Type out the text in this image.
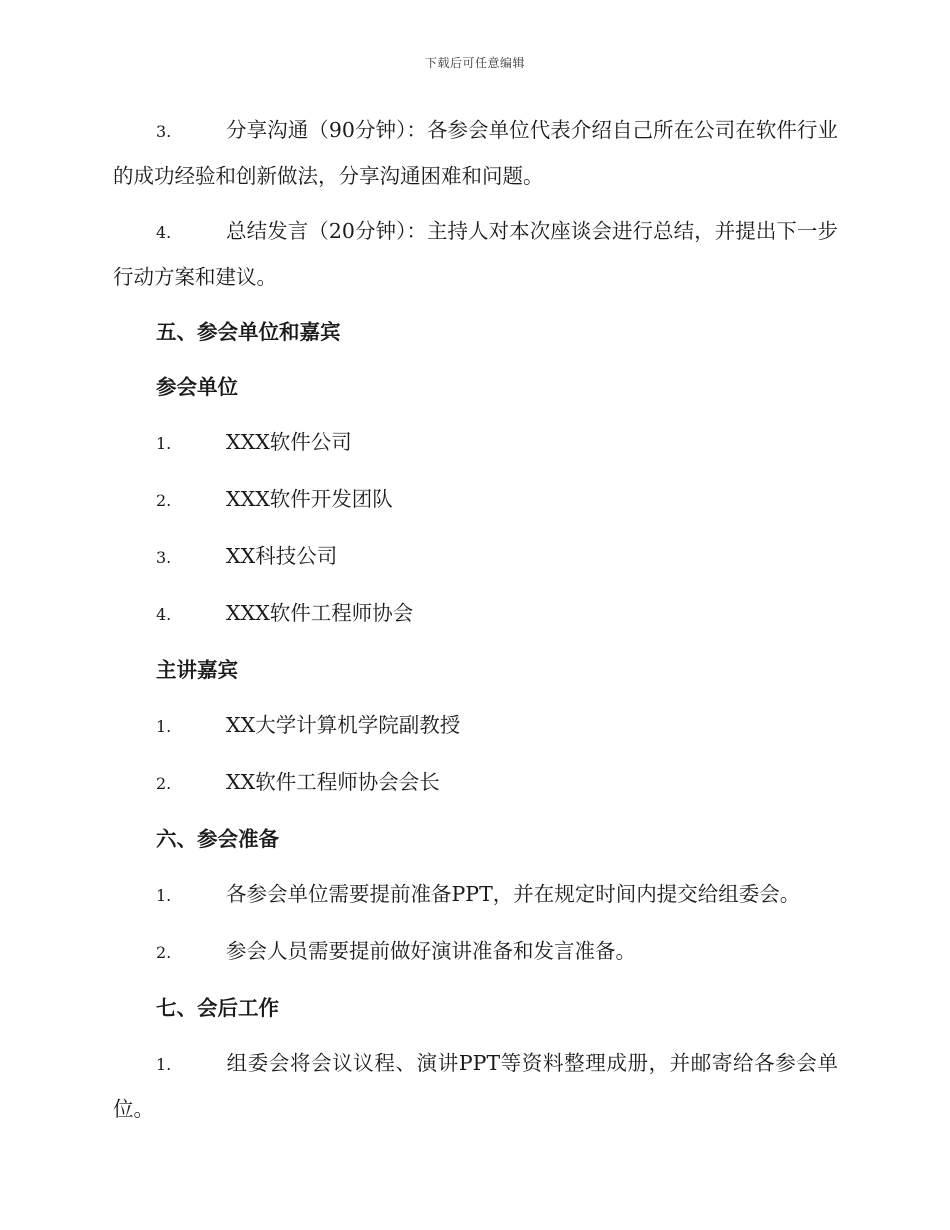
下载后可任意编辑

3.	分享沟通（90分钟）：各参会单位代表介绍自己所在公司在软件行业的成功经验和创新做法，分享沟通困难和问题。

4.	总结发言（20分钟）：主持人对本次座谈会进行总结，并提出下一步行动方案和建议。

五、参会单位和嘉宾

参会单位

1.	XXX软件公司

2.	XXX软件开发团队

3.	XX科技公司

4.	XXX软件工程师协会

主讲嘉宾

1.	XX大学计算机学院副教授

2.	XX软件工程师协会会长

六、参会准备

1.	各参会单位需要提前准备PPT，并在规定时间内提交给组委会。

2.	参会人员需要提前做好演讲准备和发言准备。

七、会后工作

1.	组委会将会议议程、演讲PPT等资料整理成册，并邮寄给各参会单位。
